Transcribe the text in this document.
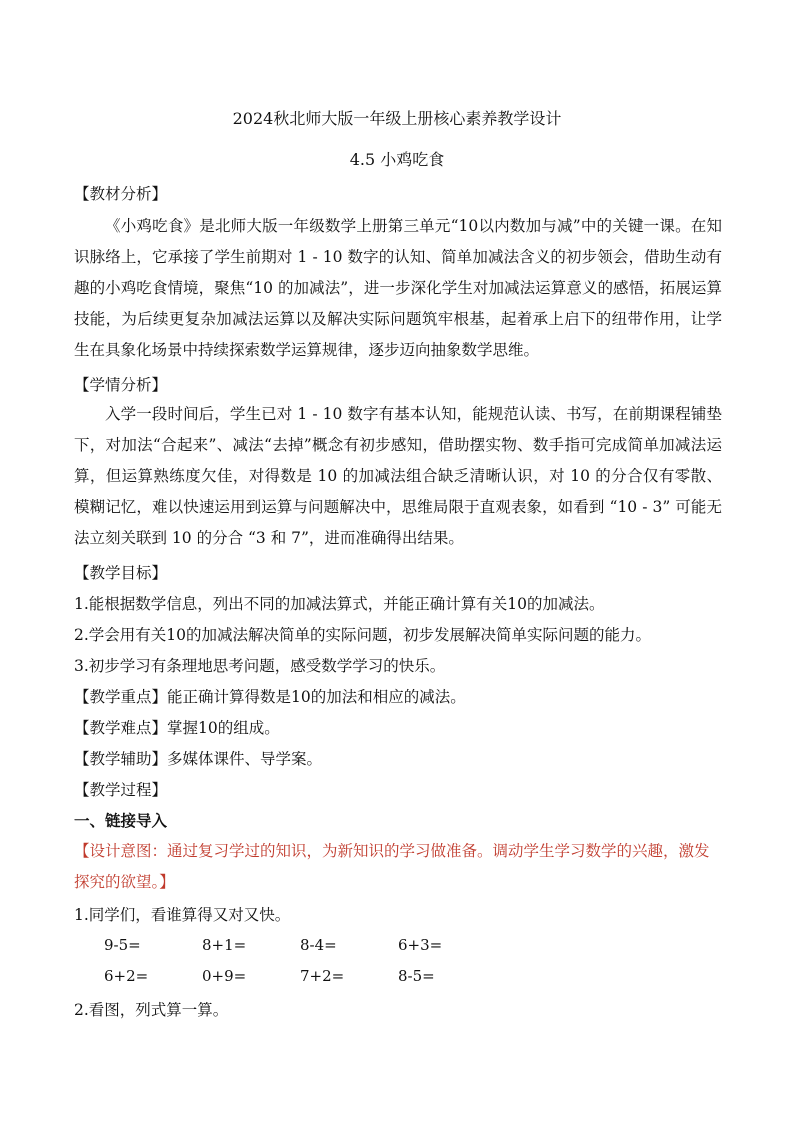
2024秋北师大版一年级上册核心素养教学设计
4.5 小鸡吃食
【教材分析】

《小鸡吃食》是北师大版一年级数学上册第三单元“10以内数加与减”中的关键一课。在知识脉络上，它承接了学生前期对 1 - 10 数字的认知、简单加减法含义的初步领会，借助生动有趣的小鸡吃食情境，聚焦“10 的加减法”，进一步深化学生对加减法运算意义的感悟，拓展运算技能，为后续更复杂加减法运算以及解决实际问题筑牢根基，起着承上启下的纽带作用，让学生在具象化场景中持续探索数学运算规律，逐步迈向抽象数学思维。

【学情分析】

入学一段时间后，学生已对 1 - 10 数字有基本认知，能规范认读、书写，在前期课程铺垫下，对加法“合起来”、减法“去掉”概念有初步感知，借助摆实物、数手指可完成简单加减法运算，但运算熟练度欠佳，对得数是 10 的加减法组合缺乏清晰认识，对 10 的分合仅有零散、模糊记忆，难以快速运用到运算与问题解决中，思维局限于直观表象，如看到 “10 - 3” 可能无法立刻关联到 10 的分合 “3 和 7”，进而准确得出结果。

【教学目标】
1.能根据数学信息，列出不同的加减法算式，并能正确计算有关10的加减法。
2.学会用有关10的加减法解决简单的实际问题，初步发展解决简单实际问题的能力。
3.初步学习有条理地思考问题，感受数学学习的快乐。
【教学重点】能正确计算得数是10的加法和相应的减法。
【教学难点】掌握10的组成。
【教学辅助】多媒体课件、导学案。
【教学过程】
一、链接导入
【设计意图：通过复习学过的知识，为新知识的学习做准备。调动学生学习数学的兴趣，激发探究的欲望。】
1.同学们，看谁算得又对又快。
9-5=	8+1=	8-4=	6+3=
6+2=	0+9=	7+2=	8-5=
2.看图，列式算一算。
